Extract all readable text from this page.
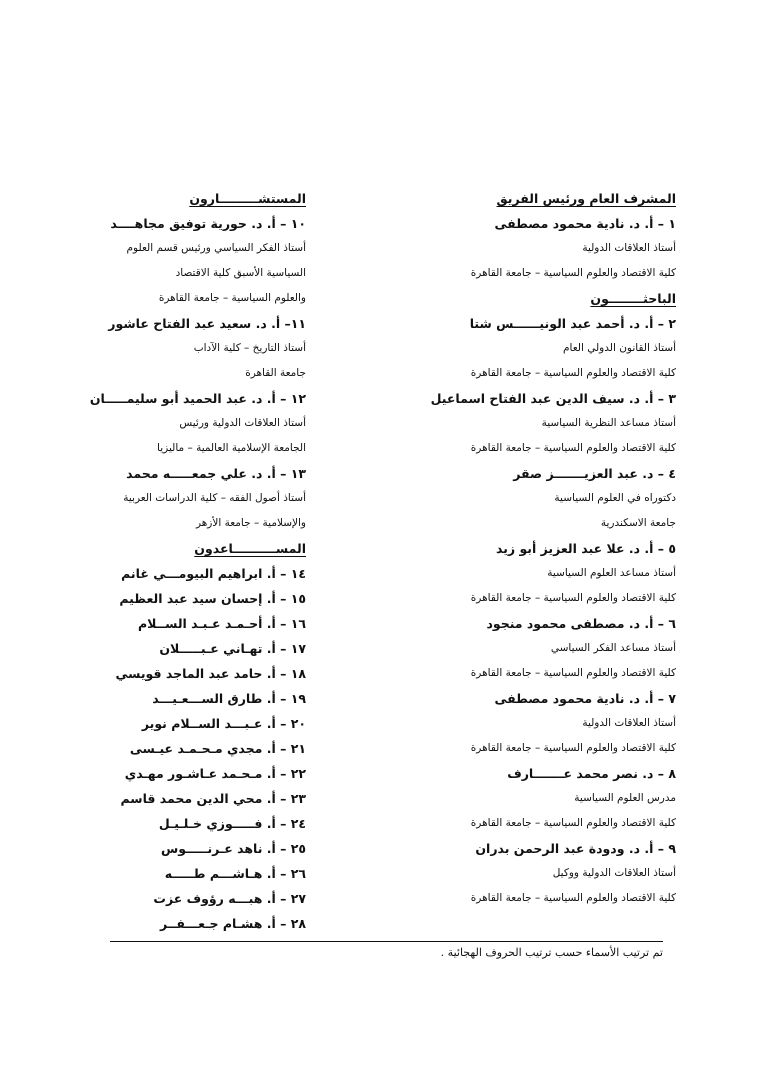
المشرف العام ورئيس الفريق
١ – أ. د. نادية محمود مصطفى
أستاذ العلاقات الدولية
كلية الاقتصاد والعلوم السياسية – جامعة القاهرة
الباحثــــــــون
٢ – أ. د. أحمد عبد الونيــــــس شتا
أستاذ القانون الدولي العام
كلية الاقتصاد والعلوم السياسية – جامعة القاهرة
٣ – أ. د. سيف الدين عبد الفتاح اسماعيل
أستاذ مساعد النظرية السياسية
كلية الاقتصاد والعلوم السياسية – جامعة القاهرة
٤ – د. عبد العزيـــــــز صقر
دكتوراه في العلوم السياسية
جامعة الاسكندرية
٥ – أ. د. علا عبد العزيز أبو زيد
أستاذ مساعد العلوم السياسية
كلية الاقتصاد والعلوم السياسية – جامعة القاهرة
٦ – أ. د. مصطفى محمود منجود
أستاذ مساعد الفكر السياسي
كلية الاقتصاد والعلوم السياسية – جامعة القاهرة
٧ – أ. د. نادية محمود مصطفى
أستاذ العلاقات الدولية
كلية الاقتصاد والعلوم السياسية – جامعة القاهرة
٨ – د. نصر محمد عـــــــارف
مدرس العلوم السياسية
كلية الاقتصاد والعلوم السياسية – جامعة القاهرة
٩ – أ. د. ودودة عبد الرحمن بدران
أستاذ العلاقات الدولية ووكيل
كلية الاقتصاد والعلوم السياسية – جامعة القاهرة
المستشـــــــــارون
١٠ – أ. د. حورية توفيق مجاهــــد
أستاذ الفكر السياسي ورئيس قسم العلوم
السياسية الأسبق كلية الاقتصاد
والعلوم السياسية – جامعة القاهرة
١١– أ. د. سعيد عبد الفتاح عاشور
أستاذ التاريخ – كلية الآداب
جامعة القاهرة
١٢ – أ. د. عبد الحميد أبو سليمـــــان
أستاذ العلاقات الدولية ورئيس
الجامعة الإسلامية العالمية – ماليزيا
١٣ – أ. د. علي جمعـــــه محمد
أستاذ أصول الفقه – كلية الدراسات العربية
والإسلامية – جامعة الأزهر
المســــــــــاعدون
١٤ – أ. ابراهيم البيومـــي غانم
١٥ – أ. إحسان سيد عبد العظيم
١٦ – أ. أحـمـد عـبـد الســلام
١٧ – أ. تهـاني عـبـــــلان
١٨ – أ. حامد عبد الماجد قويسي
١٩ – أ. طارق الســـعـيـــد
٢٠ – أ. عـبـــد الســلام نوير
٢١ – أ. مجدي مـحـمـد عيـسى
٢٢ – أ. مـحـمد عـاشـور مهـدي
٢٣ – أ. محي الدين محمد قاسم
٢٤ – أ. فـــــوزي خـلـيـل
٢٥ – أ. ناهد عـرنـــــوس
٢٦ – أ. هـاشـــم طـــــه
٢٧ – أ. هبـــه رؤوف عزت
٢٨ – أ. هشـام جـعـــفــر
تم ترتيب الأسماء حسب ترتيب الحروف الهجائية .
